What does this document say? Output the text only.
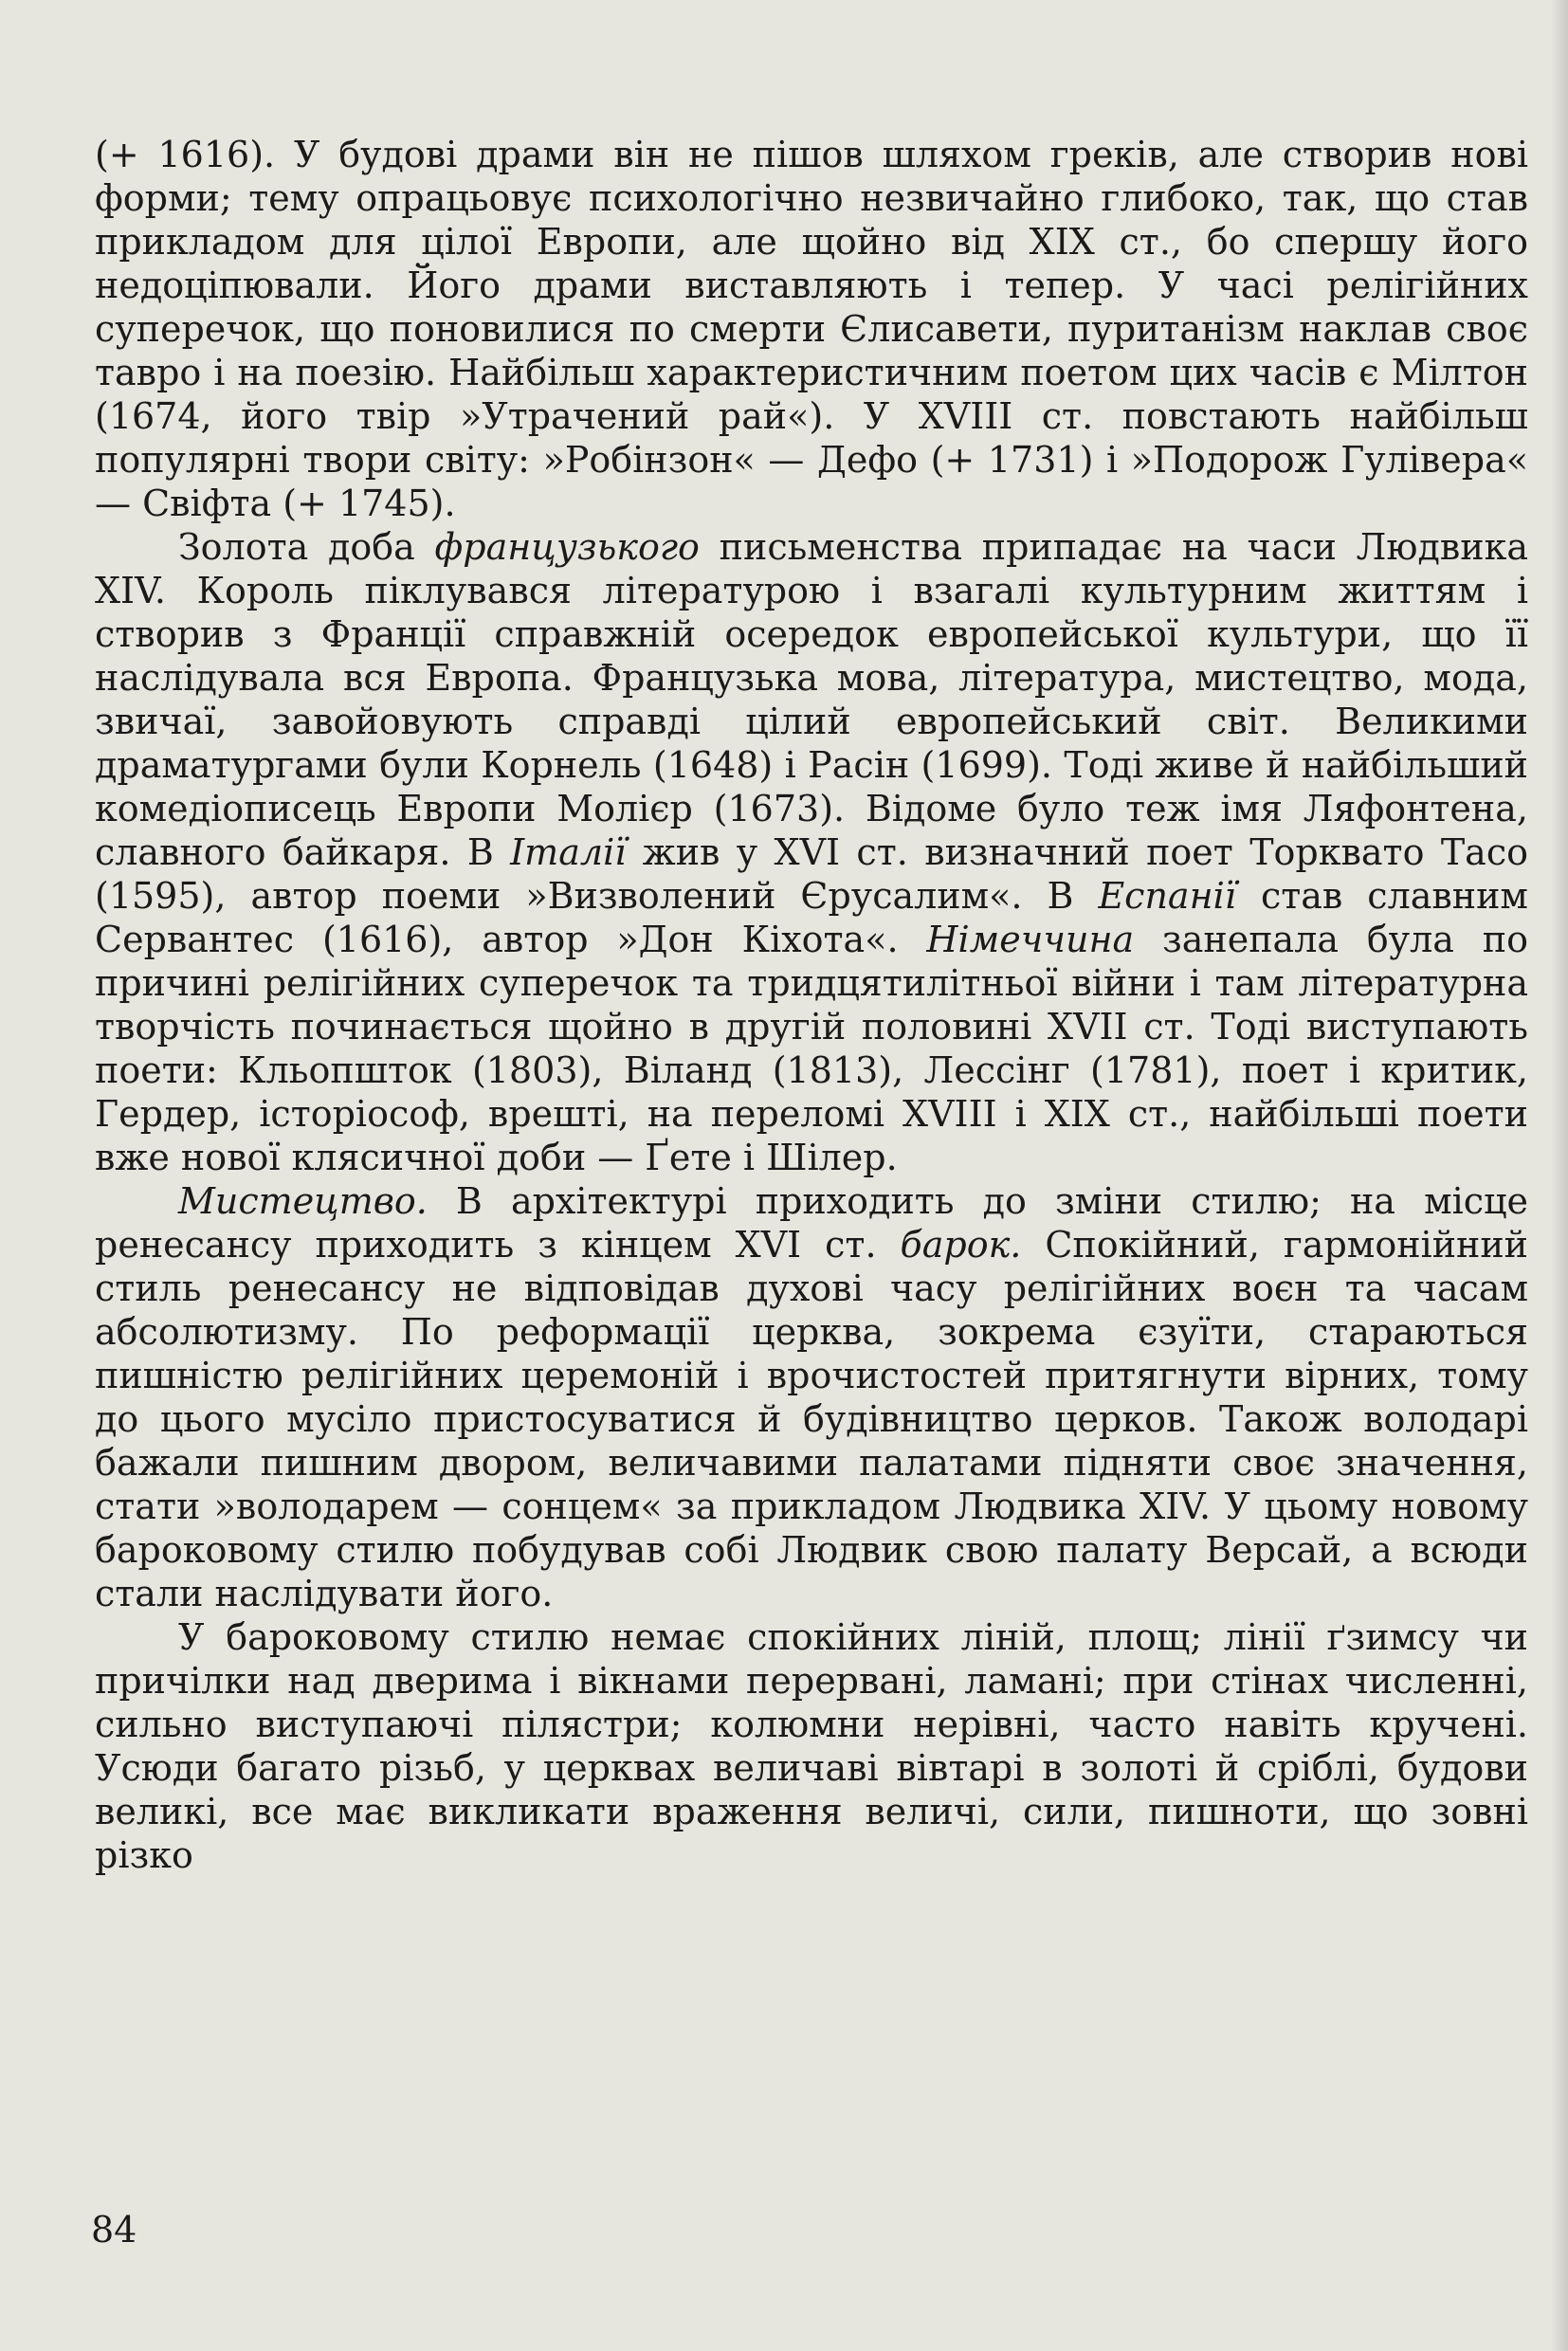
(+ 1616). У будові драми він не пішов шляхом греків, але створив нові форми; тему опрацьовує психологічно незвичайно глибоко, так, що став прикладом для цілої Европи, але щойно від XIX ст., бо спершу його недоціпювали. Його драми виставляють і тепер. У часі релігійних суперечок, що поновилися по смерти Єлисавети, пуританізм наклав своє тавро і на поезію. Найбільш характеристичним поетом цих часів є Мілтон (1674, його твір »Утрачений рай«). У XVIII ст. повстають найбільш популярні твори світу: »Робінзон« — Дефо (+ 1731) і »Подорож Гулівера« — Свіфта (+ 1745).

Золота доба французького письменства припадає на часи Людвика XIV. Король піклувався літературою і взагалі культурним життям і створив з Франції справжній осередок европейської культури, що її наслідувала вся Европа. Французька мова, література, мистецтво, мода, звичаї, завойовують справді цілий европейський світ. Великими драматургами були Корнель (1648) і Расін (1699). Тоді живе й найбільший комедіописець Европи Молієр (1673). Відоме було теж імя Ляфонтена, славного байкаря. В Італії жив у XVI ст. визначний поет Торквато Тасо (1595), автор поеми »Визволений Єрусалим«. В Еспанії став славним Сервантес (1616), автор »Дон Кіхота«. Німеччина занепала була по причині релігійних суперечок та тридцятилітньої війни і там літературна творчість починається щойно в другій половині XVII ст. Тоді виступають поети: Кльопшток (1803), Віланд (1813), Лессінг (1781), поет і критик, Гердер, історіософ, врешті, на переломі XVIII і XIX ст., найбільші поети вже нової клясичної доби — Ґете і Шілер.

Мистецтво. В архітектурі приходить до зміни стилю; на місце ренесансу приходить з кінцем XVI ст. барок. Спокійний, гармонійний стиль ренесансу не відповідав духові часу релігійних воєн та часам абсолютизму. По реформації церква, зокрема єзуїти, стараються пишністю релігійних церемоній і врочистостей притягнути вірних, тому до цього мусіло пристосуватися й будівництво церков. Також володарі бажали пишним двором, величавими палатами підняти своє значення, стати »володарем — сонцем« за прикладом Людвика XIV. У цьому новому бароковому стилю побудував собі Людвик свою палату Версай, а всюди стали наслідувати його.

У бароковому стилю немає спокійних ліній, площ; лінії ґзимсу чи причілки над дверима і вікнами перервані, ламані; при стінах численні, сильно виступаючі пілястри; колюмни нерівні, часто навіть кручені. Усюди багато різьб, у церквах величаві вівтарі в золоті й сріблі, будови великі, все має викликати враження величі, сили, пишноти, що зовні різко

84
